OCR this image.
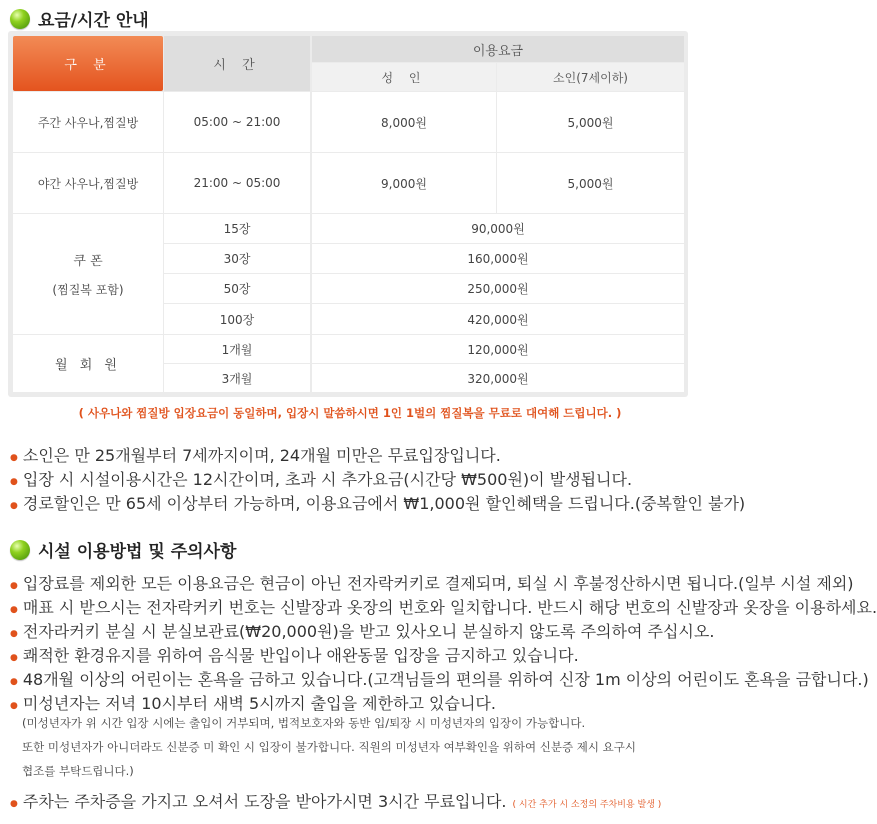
요금/시간 안내
구 분	시 간
이용요금
성 인	소인(7세이하)
주간 사우나,찜질방	05:00 ~ 21:00	8,000원	5,000원
야간 사우나,찜질방	21:00 ~ 05:00	9,000원	5,000원
쿠 폰
(찜질복 포함)
15장	90,000원
30장	160,000원
50장	250,000원
100장	420,000원
월 회 원
1개월	120,000원
3개월	320,000원
( 사우나와 찜질방 입장요금이 동일하며, 입장시 말씀하시면 1인 1벌의 찜질복을 무료로 대여해 드립니다. )
● 소인은 만 25개월부터 7세까지이며, 24개월 미만은 무료입장입니다.
● 입장 시 시설이용시간은 12시간이며, 초과 시 추가요금(시간당 ₩500원)이 발생됩니다.
● 경로할인은 만 65세 이상부터 가능하며, 이용요금에서 ₩1,000원 할인혜택을 드립니다.(중복할인 불가)
시설 이용방법 및 주의사항
● 입장료를 제외한 모든 이용요금은 현금이 아닌 전자락커키로 결제되며, 퇴실 시 후불정산하시면 됩니다.(일부 시설 제외)
● 매표 시 받으시는 전자락커키 번호는 신발장과 옷장의 번호와 일치합니다. 반드시 해당 번호의 신발장과 옷장을 이용하세요.
● 전자라커키 분실 시 분실보관료(₩20,000원)을 받고 있사오니 분실하지 않도록 주의하여 주십시오.
● 쾌적한 환경유지를 위하여 음식물 반입이나 애완동물 입장을 금지하고 있습니다.
● 48개월 이상의 어린이는 혼욕을 금하고 있습니다.(고객님들의 편의를 위하여 신장 1m 이상의 어린이도 혼욕을 금합니다.)
● 미성년자는 저녁 10시부터 새벽 5시까지 출입을 제한하고 있습니다.
(미성년자가 위 시간 입장 시에는 출입이 거부되며, 법적보호자와 동반 입/퇴장 시 미성년자의 입장이 가능합니다.
또한 미성년자가 아니더라도 신분증 미 확인 시 입장이 불가합니다. 직원의 미성년자 여부확인을 위하여 신분증 제시 요구시
협조를 부탁드립니다.)
● 주차는 주차증을 가지고 오셔서 도장을 받아가시면 3시간 무료입니다. ( 시간 추가 시 소정의 주차비용 발생 )
